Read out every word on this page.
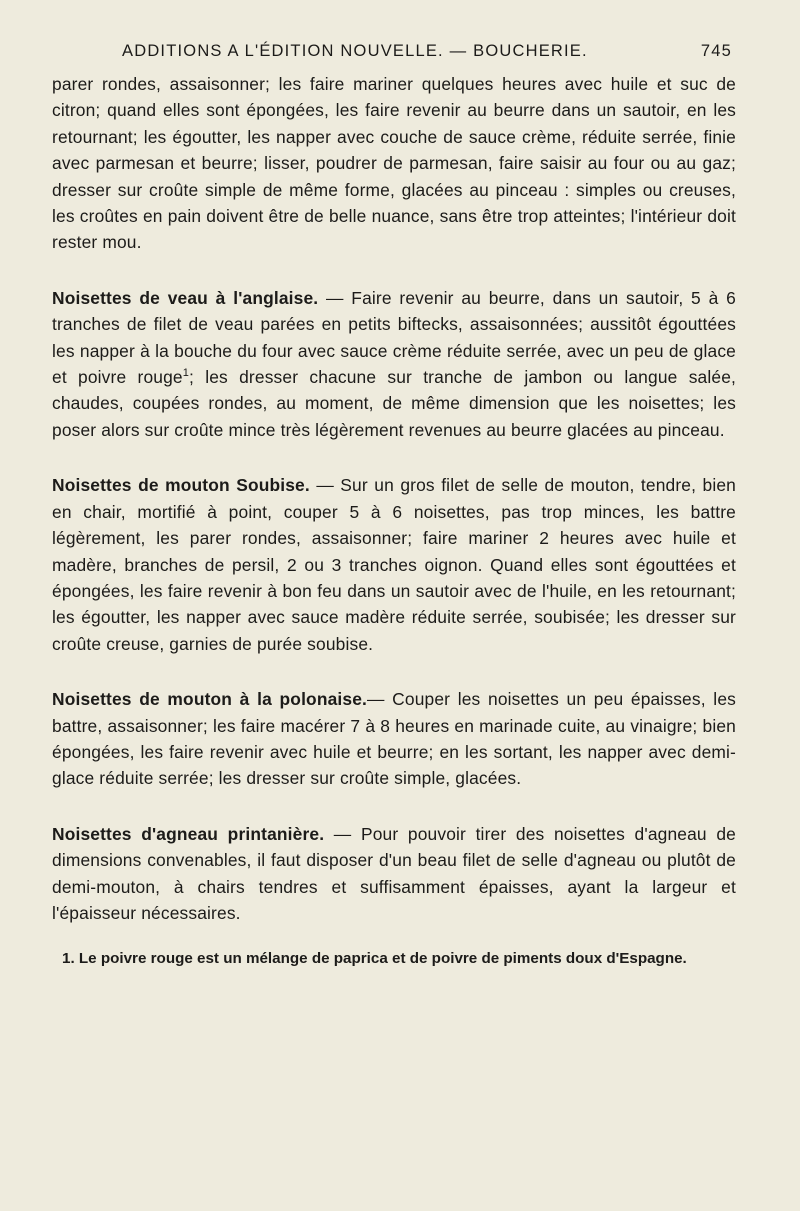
ADDITIONS A L'ÉDITION NOUVELLE. — BOUCHERIE.	745

parer rondes, assaisonner; les faire mariner quelques heures avec huile et suc de citron; quand elles sont épongées, les faire revenir au beurre dans un sautoir, en les retournant; les égoutter, les napper avec couche de sauce crème, réduite serrée, finie avec parmesan et beurre; lisser, poudrer de parmesan, faire saisir au four ou au gaz; dresser sur croûte simple de même forme, glacées au pinceau : simples ou creuses, les croûtes en pain doivent être de belle nuance, sans être trop atteintes; l'intérieur doit rester mou.

Noisettes de veau à l'anglaise. — Faire revenir au beurre, dans un sautoir, 5 à 6 tranches de filet de veau parées en petits biftecks, assaisonnées; aussitôt égouttées les napper à la bouche du four avec sauce crème réduite serrée, avec un peu de glace et poivre rouge$^1$; les dresser chacune sur tranche de jambon ou langue salée, chaudes, coupées rondes, au moment, de même dimension que les noisettes; les poser alors sur croûte mince très légèrement revenues au beurre glacées au pinceau.

Noisettes de mouton Soubise. — Sur un gros filet de selle de mouton, tendre, bien en chair, mortifié à point, couper 5 à 6 noisettes, pas trop minces, les battre légèrement, les parer rondes, assaisonner; faire mariner 2 heures avec huile et madère, branches de persil, 2 ou 3 tranches oignon. Quand elles sont égouttées et épongées, les faire revenir à bon feu dans un sautoir avec de l'huile, en les retournant; les égoutter, les napper avec sauce madère réduite serrée, soubisée; les dresser sur croûte creuse, garnies de purée soubise.

Noisettes de mouton à la polonaise.— Couper les noisettes un peu épaisses, les battre, assaisonner; les faire macérer 7 à 8 heures en marinade cuite, au vinaigre; bien épongées, les faire revenir avec huile et beurre; en les sortant, les napper avec demi-glace réduite serrée; les dresser sur croûte simple, glacées.

Noisettes d'agneau printanière. — Pour pouvoir tirer des noisettes d'agneau de dimensions convenables, il faut disposer d'un beau filet de selle d'agneau ou plutôt de demi-mouton, à chairs tendres et suffisamment épaisses, ayant la largeur et l'épaisseur nécessaires.

1. Le poivre rouge est un mélange de paprica et de poivre de piments doux d'Espagne.
